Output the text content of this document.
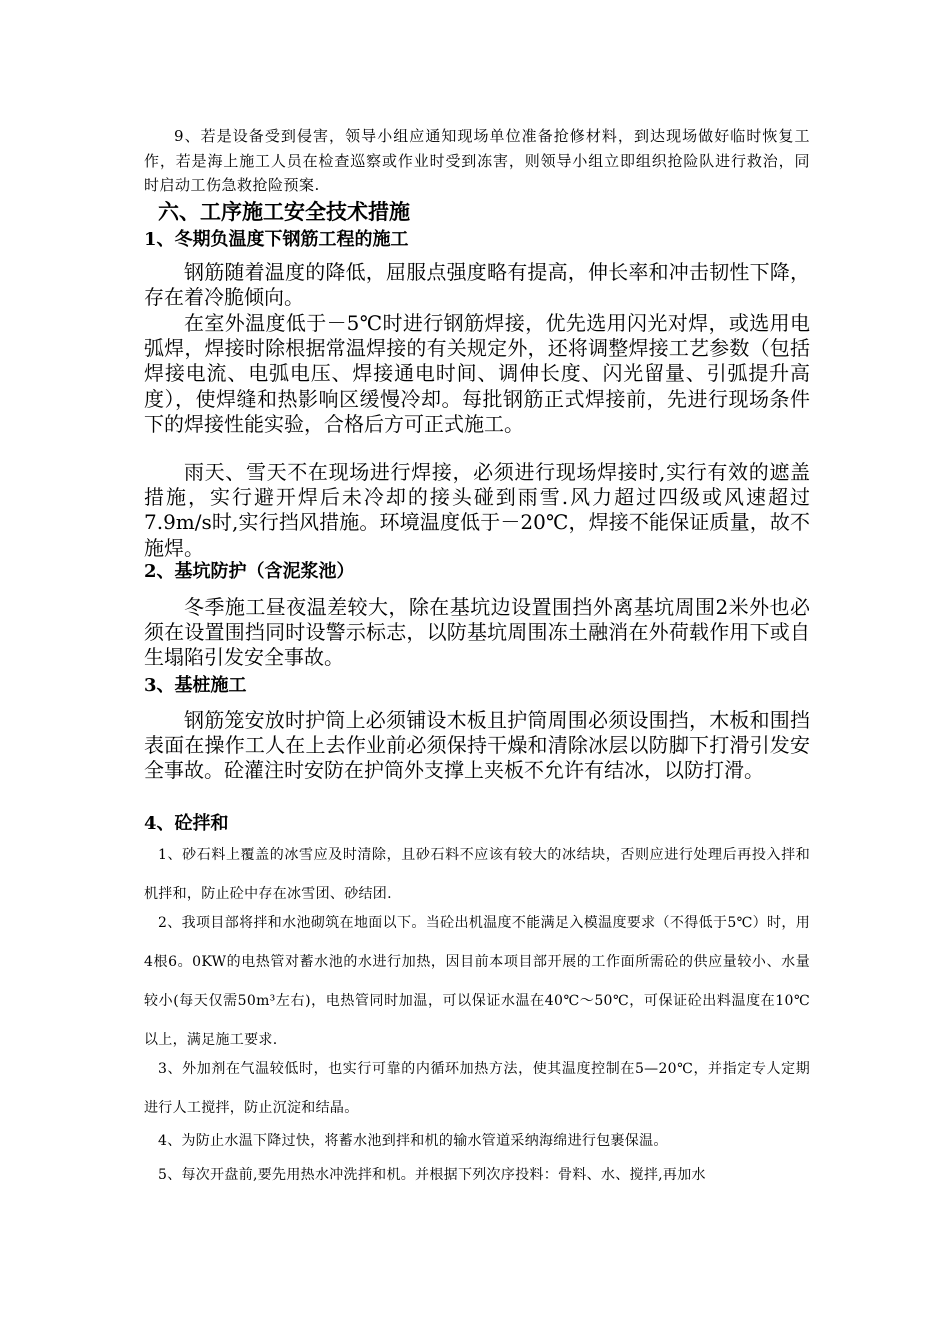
9、若是设备受到侵害，领导小组应通知现场单位准备抢修材料，到达现场做好临时恢复工作，若是海上施工人员在检查巡察或作业时受到冻害，则领导小组立即组织抢险队进行救治，同时启动工伤急救抢险预案.

六、工序施工安全技术措施
1、冬期负温度下钢筋工程的施工

钢筋随着温度的降低，屈服点强度略有提高，伸长率和冲击韧性下降，存在着冷脆倾向。

在室外温度低于－5℃时进行钢筋焊接，优先选用闪光对焊，或选用电弧焊，焊接时除根据常温焊接的有关规定外，还将调整焊接工艺参数（包括焊接电流、电弧电压、焊接通电时间、调伸长度、闪光留量、引弧提升高度），使焊缝和热影响区缓慢冷却。每批钢筋正式焊接前，先进行现场条件下的焊接性能实验，合格后方可正式施工。

雨天、雪天不在现场进行焊接，必须进行现场焊接时,实行有效的遮盖措施，实行避开焊后未冷却的接头碰到雨雪.风力超过四级或风速超过7.9m/s时,实行挡风措施。环境温度低于－20℃，焊接不能保证质量，故不施焊。

2、基坑防护（含泥浆池）

冬季施工昼夜温差较大，除在基坑边设置围挡外离基坑周围2米外也必须在设置围挡同时设警示标志，以防基坑周围冻土融消在外荷载作用下或自生塌陷引发安全事故。

3、基桩施工

钢筋笼安放时护筒上必须铺设木板且护筒周围必须设围挡，木板和围挡表面在操作工人在上去作业前必须保持干燥和清除冰层以防脚下打滑引发安全事故。砼灌注时安防在护筒外支撑上夹板不允许有结冰，以防打滑。

4、砼拌和

1、砂石料上覆盖的冰雪应及时清除，且砂石料不应该有较大的冰结块，否则应进行处理后再投入拌和机拌和，防止砼中存在冰雪团、砂结团.

2、我项目部将拌和水池砌筑在地面以下。当砼出机温度不能满足入模温度要求（不得低于5℃）时，用4根6。0KW的电热管对蓄水池的水进行加热，因目前本项目部开展的工作面所需砼的供应量较小、水量较小(每天仅需50m³左右)，电热管同时加温，可以保证水温在40℃～50℃，可保证砼出料温度在10℃以上，满足施工要求.

3、外加剂在气温较低时，也实行可靠的内循环加热方法，使其温度控制在5—20℃，并指定专人定期进行人工搅拌，防止沉淀和结晶。

4、为防止水温下降过快，将蓄水池到拌和机的输水管道采纳海绵进行包裹保温。

5、每次开盘前,要先用热水冲洗拌和机。并根据下列次序投料：骨料、水、搅拌,再加水
